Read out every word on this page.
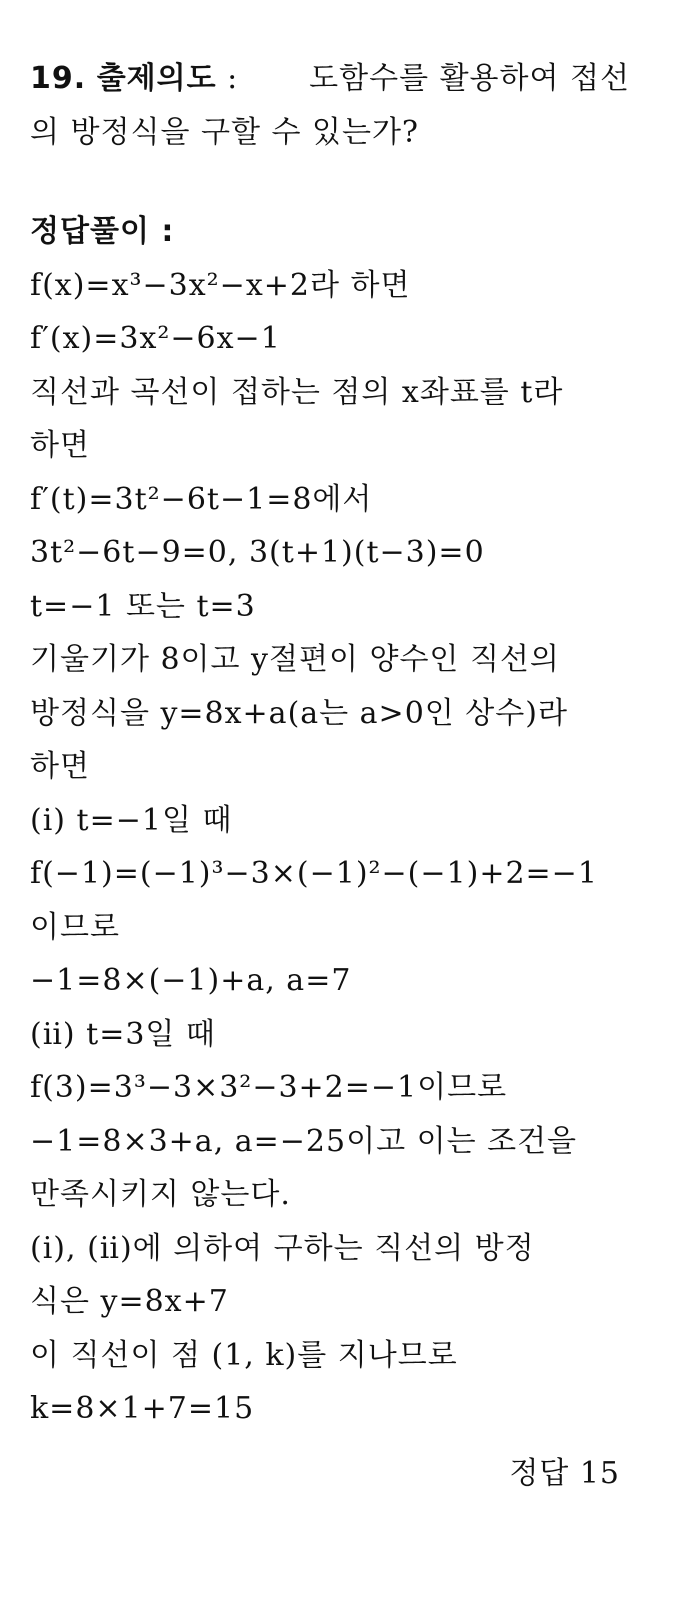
19. 출제의도 : 도함수를 활용하여 접선
의 방정식을 구할 수 있는가?
정답풀이 :
f(x)=x³−3x²−x+2라 하면
f′(x)=3x²−6x−1
직선과 곡선이 접하는 점의 x좌표를 t라
하면
f′(t)=3t²−6t−1=8에서
3t²−6t−9=0, 3(t+1)(t−3)=0
t=−1 또는 t=3
기울기가 8이고 y절편이 양수인 직선의
방정식을 y=8x+a(a는 a>0인 상수)라
하면
(ⅰ) t=−1일 때
f(−1)=(−1)³−3×(−1)²−(−1)+2=−1
이므로
−1=8×(−1)+a, a=7
(ⅱ) t=3일 때
f(3)=3³−3×3²−3+2=−1이므로
−1=8×3+a, a=−25이고 이는 조건을
만족시키지 않는다.
(ⅰ), (ⅱ)에 의하여 구하는 직선의 방정
식은 y=8x+7
이 직선이 점 (1, k)를 지나므로
k=8×1+7=15
정답 15
